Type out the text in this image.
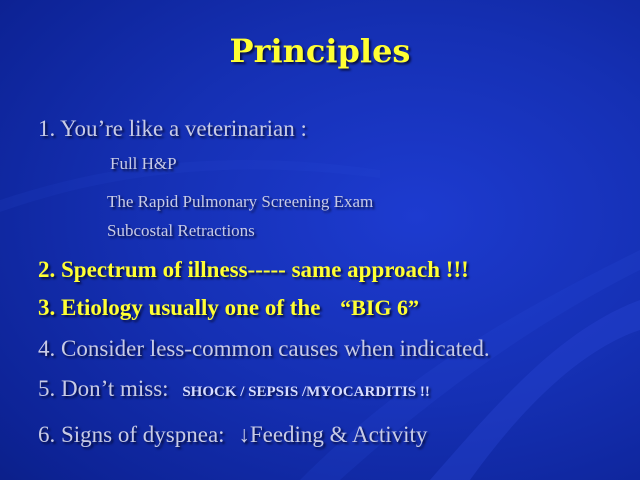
Principles
1. You’re like a veterinarian :
Full H&P
The Rapid Pulmonary Screening Exam
Subcostal Retractions
2. Spectrum of illness----- same approach !!!
3. Etiology usually one of the “BIG 6”
4. Consider less-common causes when indicated.
5. Don’t miss: SHOCK / SEPSIS /MYOCARDITIS !!
6. Signs of dyspnea: ↓Feeding & Activity
